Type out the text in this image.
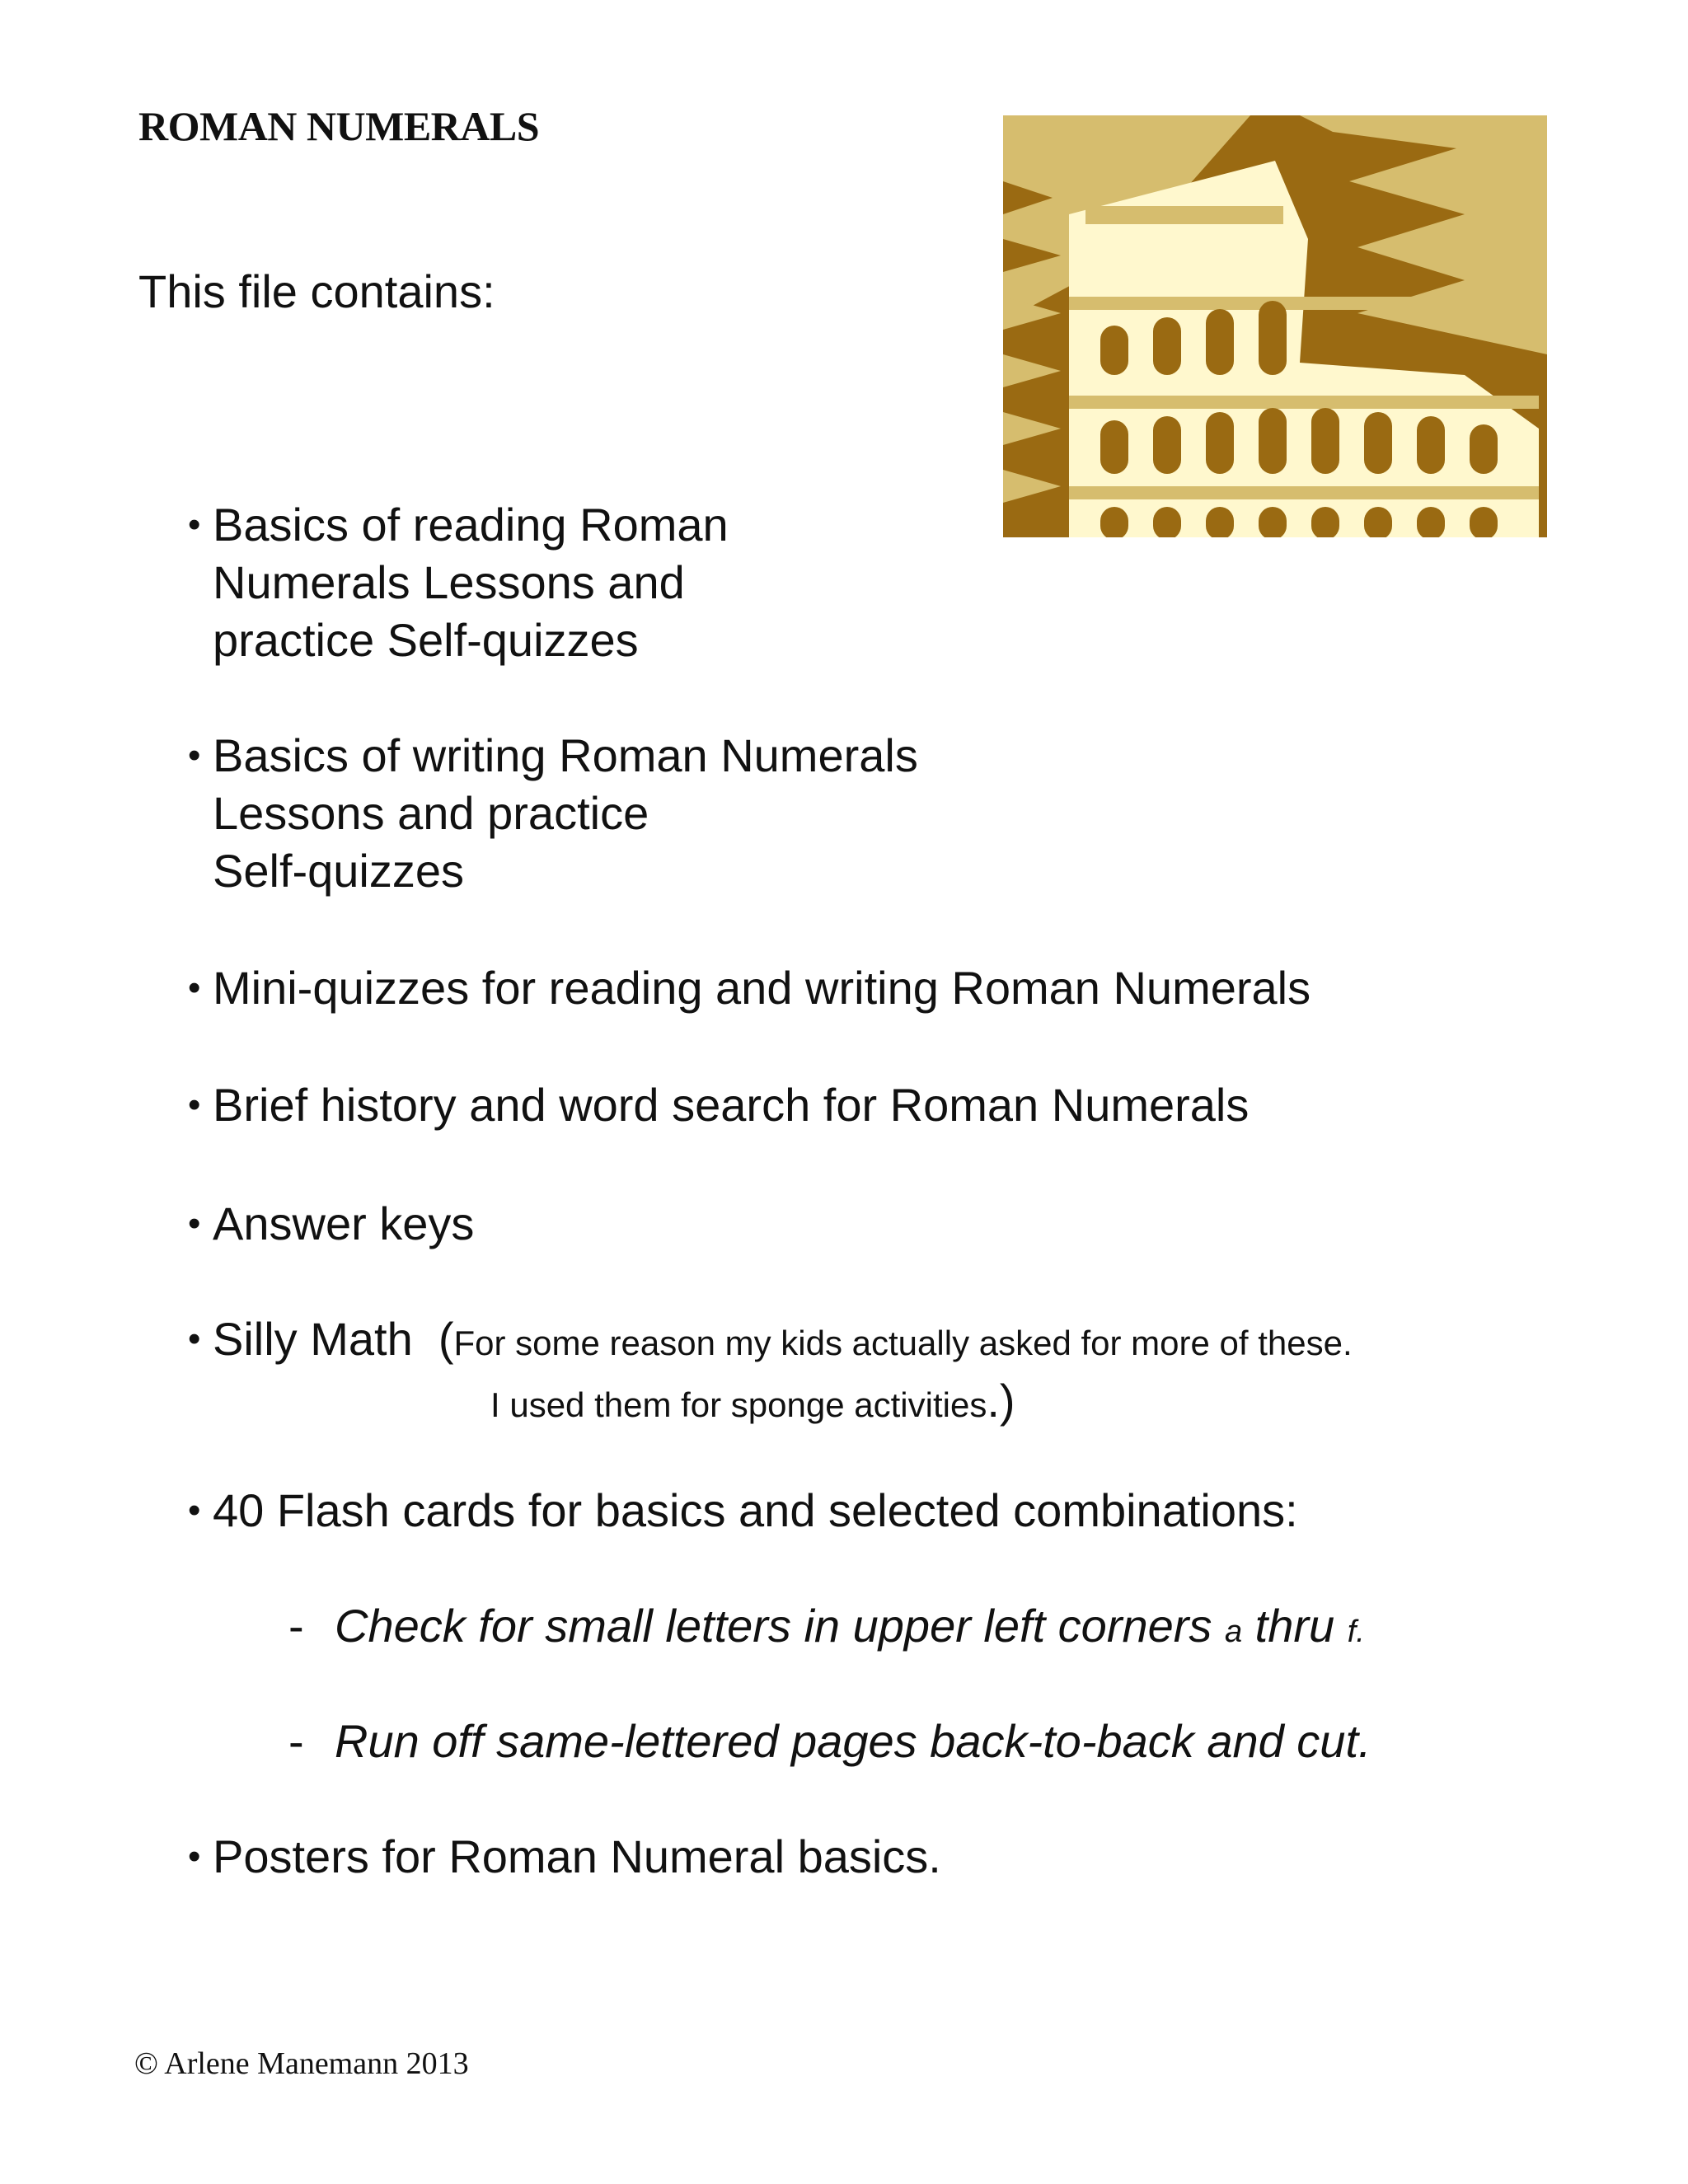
ROMAN NUMERALS
This file contains:
• Basics of reading Roman
Numerals Lessons and
practice Self-quizzes
• Basics of writing Roman Numerals
Lessons and practice
Self-quizzes
• Mini-quizzes for reading and writing Roman Numerals
• Brief history and word search for Roman Numerals
• Answer keys
• Silly Math (For some reason my kids actually asked for more of these.
I used them for sponge activities.)
• 40 Flash cards for basics and selected combinations:
- Check for small letters in upper left corners a thru f.
- Run off same-lettered pages back-to-back and cut.
• Posters for Roman Numeral basics.
© Arlene Manemann 2013
